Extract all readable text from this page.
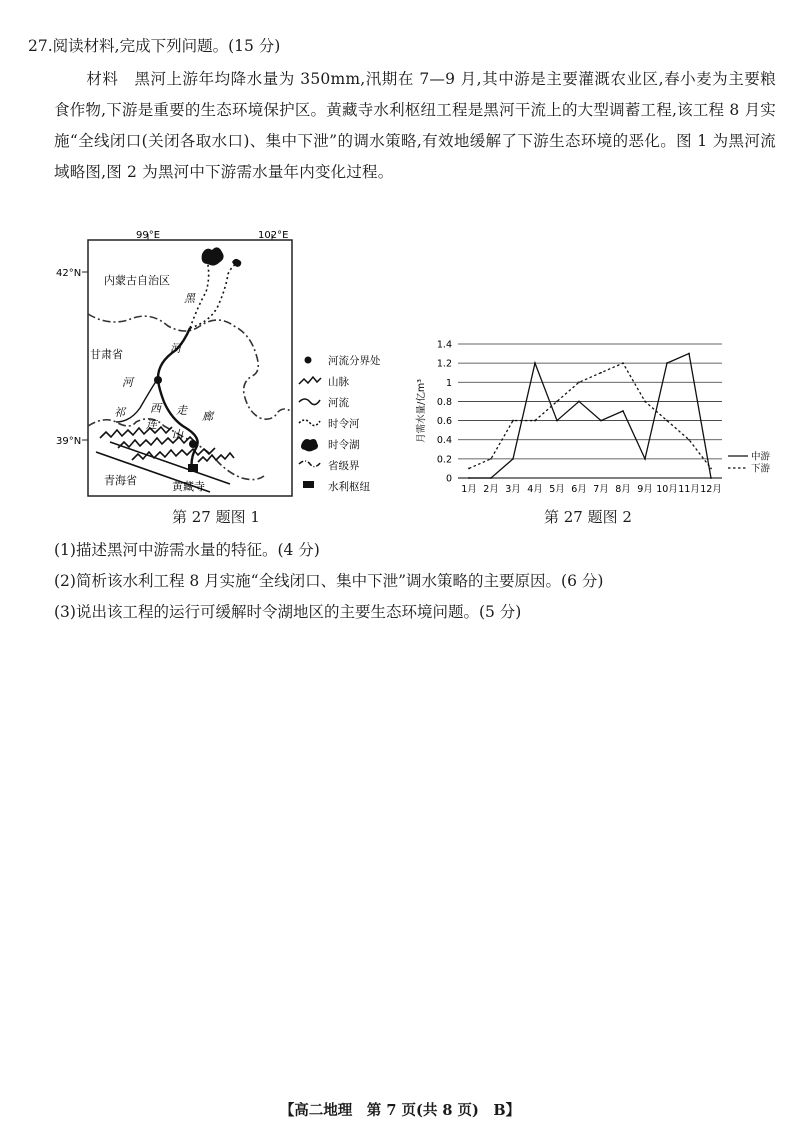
27.阅读材料,完成下列问题。(15 分)
材料 黑河上游年均降水量为 350mm,汛期在 7—9 月,其中游是主要灌溉农业区,春小麦为主要粮食作物,下游是重要的生态环境保护区。黄藏寺水利枢纽工程是黑河干流上的大型调蓄工程,该工程 8 月实施“全线闭口(关闭各取水口)、集中下泄”的调水策略,有效地缓解了下游生态环境的恶化。图 1 为黑河流域略图,图 2 为黑河中下游需水量年内变化过程。
99°E	102°E
42°N
39°N
内蒙古自治区
甘肃省
青海省	黄藏寺
黑
河
河
西 走 廊
祁
连
山
河流分界处
山脉
河流
时令河
时令湖
省级界
水利枢纽
0
0.2
0.4
0.6
0.8
1
1.2
1.4
月需水量/亿m³
1月 2月 3月 4月 5月 6月 7月 8月 9月 10月 11月 12月
中游
下游
第 27 题图 1	第 27 题图 2
(1)描述黑河中游需水量的特征。(4 分)
(2)简析该水利工程 8 月实施“全线闭口、集中下泄”调水策略的主要原因。(6 分)
(3)说出该工程的运行可缓解时令湖地区的主要生态环境问题。(5 分)
【高二地理　第 7 页(共 8 页)　B】
